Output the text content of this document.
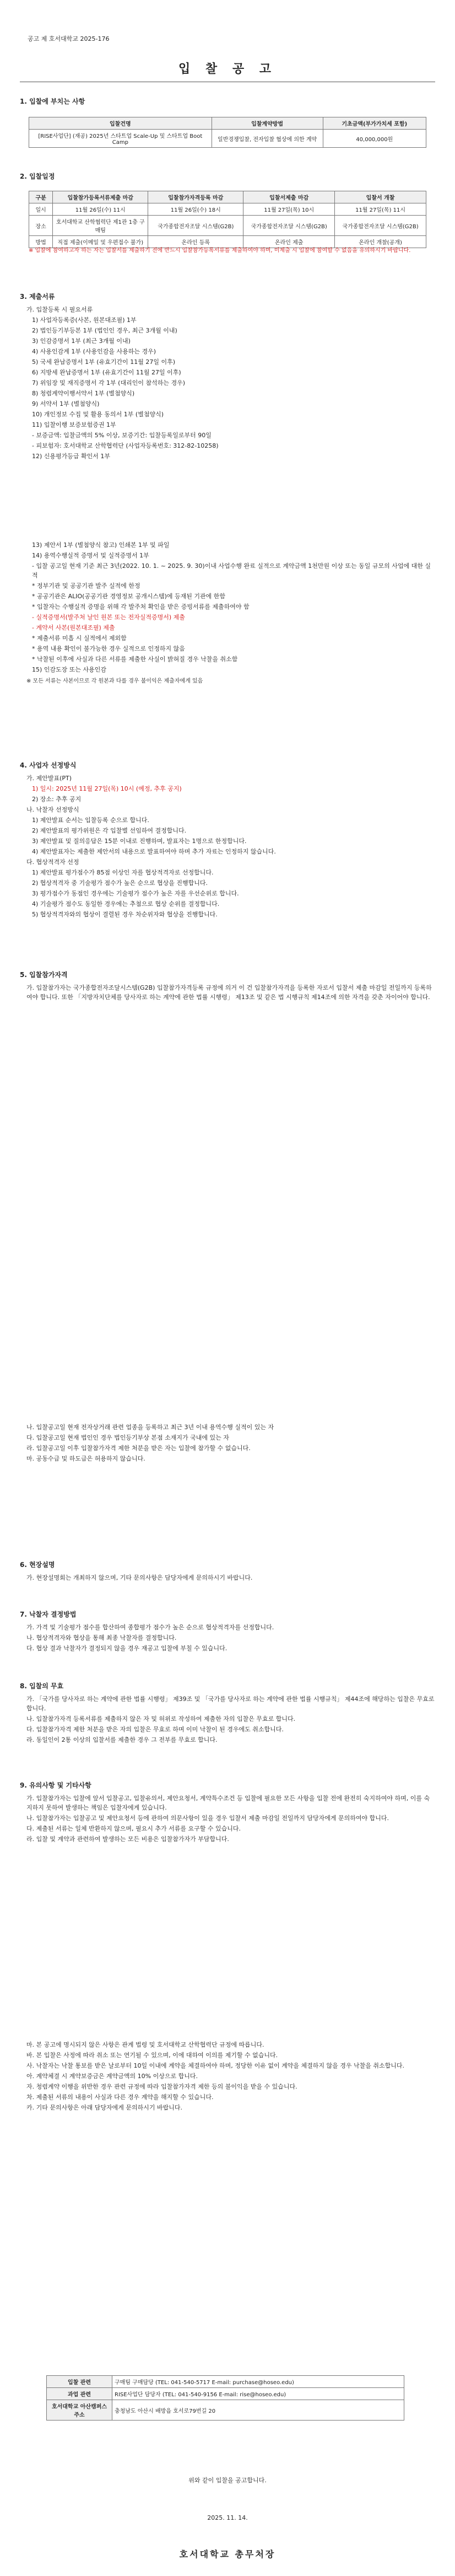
공고 제 호서대학교 2025-176
입 찰 공 고
1. 입찰에 부치는 사항
입찰건명	입찰계약방법	기초금액(부가가치세 포함)
[RISE사업단] (재공) 2025년 스타트업 Scale-Up 및 스타트업 Boot Camp	일반경쟁입찰, 전자입찰 협상에 의한 계약	40,000,000원
2. 입찰일정
구분	입찰참가등록서류제출 마감	입찰참가자격등록 마감	입찰서제출 마감	입찰서 개찰
일시	11월 26일(수) 11시	11월 26일(수) 18시	11월 27일(목) 10시	11월 27일(목) 11시
장소	호서대학교 산학협력단 제1관 1층 구매팀	국가종합전자조달 시스템(G2B)	국가종합전자조달 시스템(G2B)	국가종합전자조달 시스템(G2B)
방법	직접 제출(이메일 및 우편접수 불가)	온라인 등록	온라인 제출	온라인 개찰(공개)
※ 입찰에 참여하고자 하는 자는 입찰서를 제출하기 전에 반드시 입찰참가등록서류를 제출하여야 하며, 미제출 시 입찰에 참여할 수 없음을 유의하시기 바랍니다.
3. 제출서류
가. 입찰등록 시 필요서류
1) 사업자등록증(사본, 원본대조필) 1부
2) 법인등기부등본 1부 (법인인 경우, 최근 3개월 이내)
3) 인감증명서 1부 (최근 3개월 이내)
4) 사용인감계 1부 (사용인감을 사용하는 경우)
5) 국세 완납증명서 1부 (유효기간이 11월 27일 이후)
6) 지방세 완납증명서 1부 (유효기간이 11월 27일 이후)
7) 위임장 및 재직증명서 각 1부 (대리인이 참석하는 경우)
8) 청렴계약이행서약서 1부 (별첨양식)
9) 서약서 1부 (별첨양식)
10) 개인정보 수집 및 활용 동의서 1부 (별첨양식)
11) 입찰이행 보증보험증권 1부
- 보증금액: 입찰금액의 5% 이상, 보증기간: 입찰등록일로부터 90일
- 피보험자: 호서대학교 산학협력단 (사업자등록번호: 312-82-10258)
12) 신용평가등급 확인서 1부
13) 제안서 1부 (별첨양식 참고) 인쇄본 1부 및 파일
14) 용역수행실적 증명서 및 실적증명서 1부
- 입찰 공고일 현재 기준 최근 3년(2022. 10. 1. ~ 2025. 9. 30)이내 사업수행 완료 실적으로 계약금액 1천만원 이상 또는 동일 규모의 사업에 대한 실적
* 정부기관 및 공공기관 발주 실적에 한정
* 공공기관은 ALIO(공공기관 경영정보 공개시스템)에 등재된 기관에 한함
* 입찰자는 수행실적 증명을 위해 각 발주처 확인을 받은 증빙서류를 제출하여야 함
- 실적증명서(발주처 날인 원본 또는 전자실적증명서) 제출
- 계약서 사본(원본대조필) 제출
* 제출서류 미흡 시 실적에서 제외함
* 용역 내용 확인이 불가능한 경우 실적으로 인정하지 않음
* 낙찰된 이후에 사실과 다른 서류를 제출한 사실이 밝혀질 경우 낙찰을 취소함
15) 인감도장 또는 사용인감
※ 모든 서류는 사본이므로 각 원본과 다를 경우 불이익은 제출자에게 있음
4. 사업자 선정방식
가. 제안발표(PT)
1) 일시: 2025년 11월 27일(목) 10시 (예정, 추후 공지)
2) 장소: 추후 공지
나. 낙찰자 선정방식
1) 제안발표 순서는 입찰등록 순으로 합니다.
2) 제안발표의 평가위원은 각 입찰별 선임하여 결정합니다.
3) 제안발표 및 질의응답은 15분 이내로 진행하며, 발표자는 1명으로 한정합니다.
4) 제안발표자는 제출한 제안서의 내용으로 발표하여야 하며 추가 자료는 인정하지 않습니다.
다. 협상적격자 선정
1) 제안발표 평가점수가 85점 이상인 자를 협상적격자로 선정합니다.
2) 협상적격자 중 기술평가 점수가 높은 순으로 협상을 진행합니다.
3) 평가점수가 동점인 경우에는 기술평가 점수가 높은 자를 우선순위로 합니다.
4) 기술평가 점수도 동일한 경우에는 추첨으로 협상 순위를 결정합니다.
5) 협상적격자와의 협상이 결렬된 경우 차순위자와 협상을 진행합니다.
5. 입찰참가자격
가. 입찰참가자는 국가종합전자조달시스템(G2B) 입찰참가자격등록 규정에 의거 이 건 입찰참가자격을 등록한 자로서 입찰서 제출 마감일 전일까지 등록하여야 합니다. 또한 「지방자치단체를 당사자로 하는 계약에 관한 법률 시행령」 제13조 및 같은 법 시행규칙 제14조에 의한 자격을 갖춘 자이어야 합니다.
나. 입찰공고일 현재 전자상거래 관련 업종을 등록하고 최근 3년 이내 용역수행 실적이 있는 자
다. 입찰공고일 현재 법인인 경우 법인등기부상 본점 소재지가 국내에 있는 자
라. 입찰공고일 이후 입찰참가자격 제한 처분을 받은 자는 입찰에 참가할 수 없습니다.
마. 공동수급 및 하도급은 허용하지 않습니다.
6. 현장설명
가. 현장설명회는 개최하지 않으며, 기타 문의사항은 담당자에게 문의하시기 바랍니다.
7. 낙찰자 결정방법
가. 가격 및 기술평가 점수를 합산하여 종합평가 점수가 높은 순으로 협상적격자를 선정합니다.
나. 협상적격자와 협상을 통해 최종 낙찰자를 결정합니다.
다. 협상 결과 낙찰자가 결정되지 않을 경우 재공고 입찰에 부칠 수 있습니다.
8. 입찰의 무효
가. 「국가를 당사자로 하는 계약에 관한 법률 시행령」 제39조 및 「국가를 당사자로 하는 계약에 관한 법률 시행규칙」 제44조에 해당하는 입찰은 무효로 합니다.
나. 입찰참가자격 등록서류를 제출하지 않은 자 및 허위로 작성하여 제출한 자의 입찰은 무효로 합니다.
다. 입찰참가자격 제한 처분을 받은 자의 입찰은 무효로 하며 이미 낙찰이 된 경우에도 취소합니다.
라. 동일인이 2통 이상의 입찰서를 제출한 경우 그 전부를 무효로 합니다.
9. 유의사항 및 기타사항
가. 입찰참가자는 입찰에 앞서 입찰공고, 입찰유의서, 제안요청서, 계약특수조건 등 입찰에 필요한 모든 사항을 입찰 전에 완전히 숙지하여야 하며, 이를 숙지하지 못하여 발생하는 책임은 입찰자에게 있습니다.
나. 입찰참가자는 입찰공고 및 제안요청서 등에 관하여 의문사항이 있을 경우 입찰서 제출 마감일 전일까지 담당자에게 문의하여야 합니다.
다. 제출된 서류는 일체 반환하지 않으며, 필요시 추가 서류를 요구할 수 있습니다.
라. 입찰 및 계약과 관련하여 발생하는 모든 비용은 입찰참가자가 부담합니다.
마. 본 공고에 명시되지 않은 사항은 관계 법령 및 호서대학교 산학협력단 규정에 따릅니다.
바. 본 입찰은 사정에 따라 취소 또는 연기될 수 있으며, 이에 대하여 이의를 제기할 수 없습니다.
사. 낙찰자는 낙찰 통보를 받은 날로부터 10일 이내에 계약을 체결하여야 하며, 정당한 이유 없이 계약을 체결하지 않을 경우 낙찰을 취소합니다.
아. 계약체결 시 계약보증금은 계약금액의 10% 이상으로 합니다.
자. 청렴계약 이행을 위반한 경우 관련 규정에 따라 입찰참가자격 제한 등의 불이익을 받을 수 있습니다.
차. 제출된 서류의 내용이 사실과 다른 경우 계약을 해지할 수 있습니다.
카. 기타 문의사항은 아래 담당자에게 문의하시기 바랍니다.
입찰 관련	구매팀 구매담당 (TEL: 041-540-5717 E-mail: purchase@hoseo.edu)
과업 관련	RISE사업단 담당자 (TEL: 041-540-9156 E-mail: rise@hoseo.edu)
호서대학교 아산캠퍼스 주소	충청남도 아산시 배방읍 호서로79번길 20
위와 같이 입찰을 공고합니다.
2025. 11. 14.
호서대학교 총무처장
